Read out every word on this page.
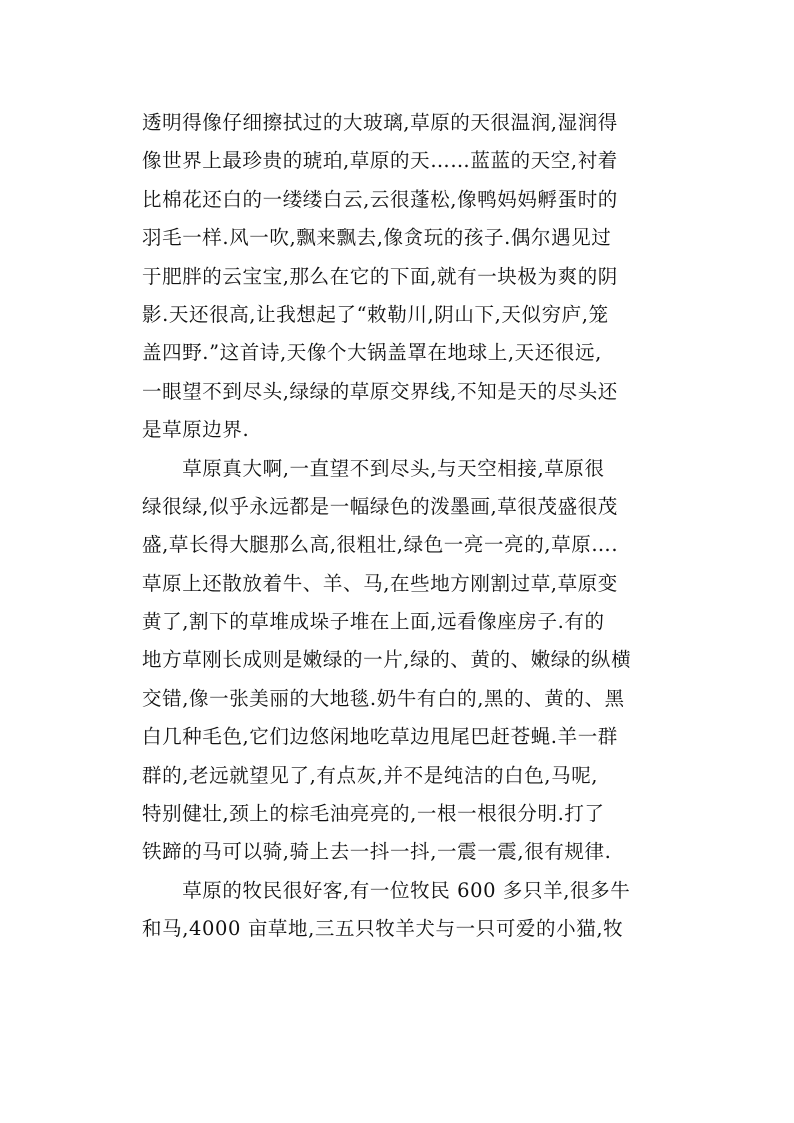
透明得像仔细擦拭过的大玻璃,草原的天很温润,湿润得
像世界上最珍贵的琥珀,草原的天……蓝蓝的天空,衬着
比棉花还白的一缕缕白云,云很蓬松,像鸭妈妈孵蛋时的
羽毛一样.风一吹,飘来飘去,像贪玩的孩子.偶尔遇见过
于肥胖的云宝宝,那么在它的下面,就有一块极为爽的阴
影.天还很高,让我想起了“敕勒川,阴山下,天似穷庐,笼
盖四野.”这首诗,天像个大锅盖罩在地球上,天还很远,
一眼望不到尽头,绿绿的草原交界线,不知是天的尽头还
是草原边界.
　　草原真大啊,一直望不到尽头,与天空相接,草原很
绿很绿,似乎永远都是一幅绿色的泼墨画,草很茂盛很茂
盛,草长得大腿那么高,很粗壮,绿色一亮一亮的,草原….
草原上还散放着牛、羊、马,在些地方刚割过草,草原变
黄了,割下的草堆成垛子堆在上面,远看像座房子.有的
地方草刚长成则是嫩绿的一片,绿的、黄的、嫩绿的纵横
交错,像一张美丽的大地毯.奶牛有白的,黑的、黄的、黑
白几种毛色,它们边悠闲地吃草边甩尾巴赶苍蝇.羊一群
群的,老远就望见了,有点灰,并不是纯洁的白色,马呢,
特别健壮,颈上的棕毛油亮亮的,一根一根很分明.打了
铁蹄的马可以骑,骑上去一抖一抖,一震一震,很有规律.
　　草原的牧民很好客,有一位牧民 600 多只羊,很多牛
和马,4000 亩草地,三五只牧羊犬与一只可爱的小猫,牧
